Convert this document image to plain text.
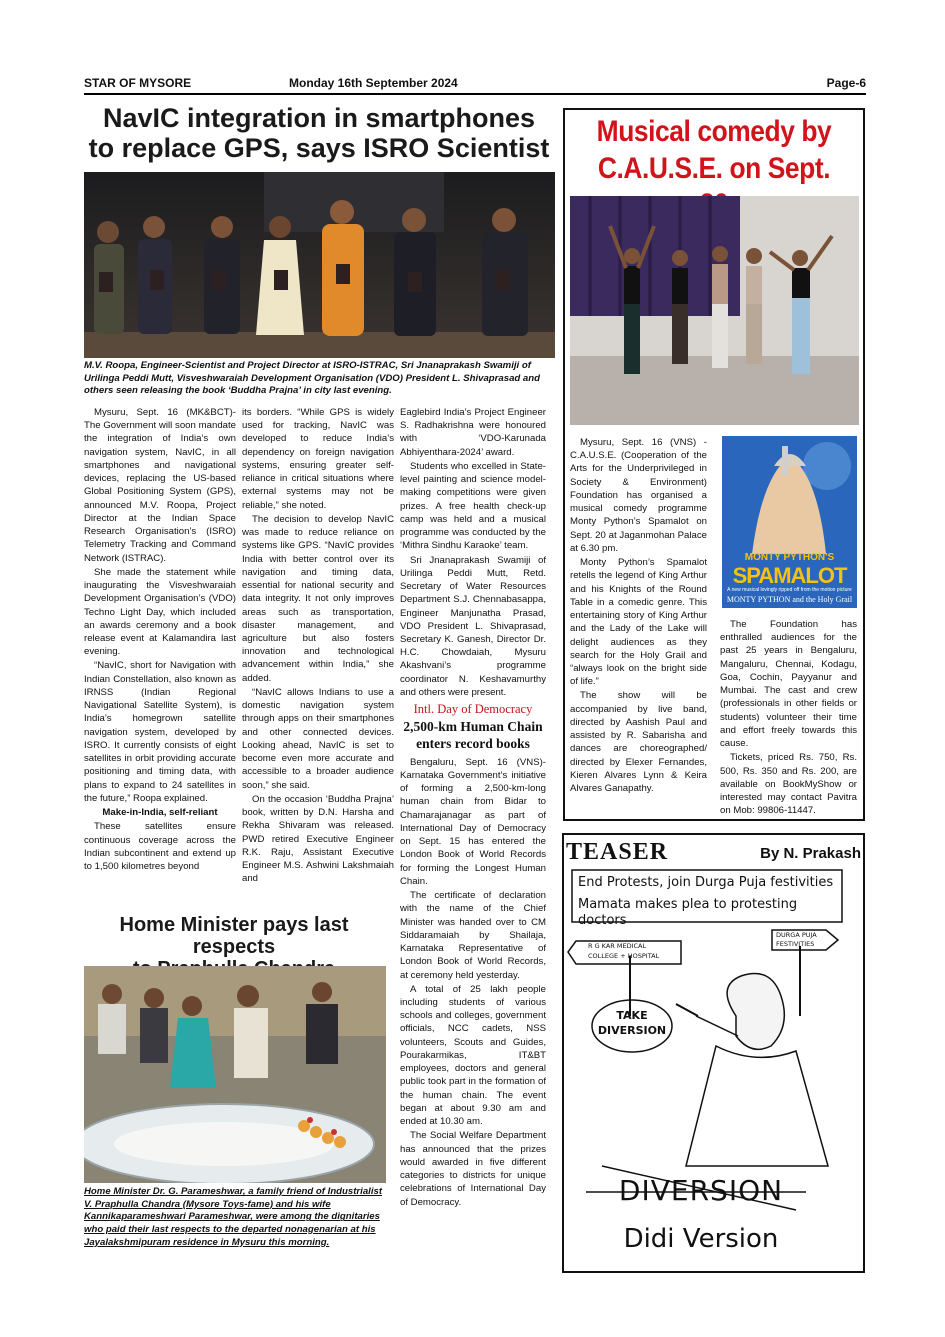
STAR OF MYSORE	Monday 16th September 2024	Page-6
NavIC integration in smartphones
to replace GPS, says ISRO Scientist
M.V. Roopa, Engineer-Scientist and Project Director at ISRO-ISTRAC, Sri Jnanaprakash Swamiji of Urilinga Peddi Mutt, Visveshwaraiah Development Organisation (VDO) President L. Shivaprasad and others seen releasing the book ‘Buddha Prajna’ in city last evening.

Mysuru, Sept. 16 (MK&BCT)- The Government will soon mandate the integration of India’s own navigation system, NavIC, in all smartphones and navigational devices, replacing the US-based Global Positioning System (GPS), announced M.V. Roopa, Project Director at the Indian Space Research Organisation’s (ISRO) Telemetry Tracking and Command Network (ISTRAC).

She made the statement while inaugurating the Visveshwaraiah Development Organisation’s (VDO) Techno Light Day, which included an awards ceremony and a book release event at Kalamandira last evening.

“NavIC, short for Navigation with Indian Constellation, also known as IRNSS (Indian Regional Navigational Satellite System), is India’s homegrown satellite navigation system, developed by ISRO. It currently consists of eight satellites in orbit providing accurate positioning and timing data, with plans to expand to 24 satellites in the future,” Roopa explained.

Make-in-India, self-reliant

These satellites ensure continuous coverage across the Indian subcontinent and extend up to 1,500 kilometres beyond

its borders. “While GPS is widely used for tracking, NavIC was developed to reduce India’s dependency on foreign navigation systems, ensuring greater self-reliance in critical situations where external systems may not be reliable,” she noted.

The decision to develop NavIC was made to reduce reliance on systems like GPS. “NavIC provides India with better control over its navigation and timing data, essential for national security and data integrity. It not only improves areas such as transportation, disaster management, and agriculture but also fosters innovation and technological advancement within India,” she added.

“NavIC allows Indians to use a domestic navigation system through apps on their smartphones and other connected devices. Looking ahead, NavIC is set to become even more accurate and accessible to a broader audience soon,” she said.

On the occasion ‘Buddha Prajna’ book, written by D.N. Harsha and Rekha Shivaram was released. PWD retired Executive Engineer R.K. Raju, Assistant Executive Engineer M.S. Ashwini Lakshmaiah and

Eaglebird India’s Project Engineer S. Radhakrishna were honoured with ‘VDO-Karunada Abhiyenthara-2024’ award.

Students who excelled in State-level painting and science model-making competitions were given prizes. A free health check-up camp was held and a musical programme was conducted by the ‘Mithra Sindhu Karaoke’ team.

Sri Jnanaprakash Swamiji of Urilinga Peddi Mutt, Retd. Secretary of Water Resources Department S.J. Chennabasappa, Engineer Manjunatha Prasad, VDO President L. Shivaprasad, Secretary K. Ganesh, Director Dr. H.C. Chowdaiah, Mysuru Akashvani’s programme coordinator N. Keshavamurthy and others were present.

Intl. Day of Democracy

2,500-km Human Chain enters record books

Bengaluru, Sept. 16 (VNS)- Karnataka Government’s initiative of forming a 2,500-km-long human chain from Bidar to Chamarajanagar as part of International Day of Democracy on Sept. 15 has entered the London Book of World Records for forming the Longest Human Chain.

The certificate of declaration with the name of the Chief Minister was handed over to CM Siddaramaiah by Shailaja, Karnataka Representative of London Book of World Records, at ceremony held yesterday.

A total of 25 lakh people including students of various schools and colleges, government officials, NCC cadets, NSS volunteers, Scouts and Guides, Pourakarmikas, IT&BT employees, doctors and general public took part in the formation of the human chain. The event began at about 9.30 am and ended at 10.30 am.

The Social Welfare Department has announced that the prizes would awarded in five different categories to districts for unique celebrations of International Day of Democracy.

Home Minister pays last respects
Home Minister Dr. G. Parameshwar, a family friend of Industrialist V. Praphulla Chandra (Mysore Toys-fame) and his wife Kannikaparameshwari Parameshwar, were among the dignitaries who paid their last respects to the departed nonagenarian at his Jayalakshmipuram residence in Mysuru this morning.
Musical comedy by
C.A.U.S.E. on Sept.

Mysuru, Sept. 16 (VNS) - C.A.U.S.E. (Cooperation of the Arts for the Underprivileged in Society & Environment) Foundation has organised a musical comedy programme Monty Python’s Spamalot on Sept. 20 at Jaganmohan Palace at 6.30 pm.

Monty Python’s Spamalot retells the legend of King Arthur and his Knights of the Round Table in a comedic genre. This entertaining story of King Arthur and the Lady of the Lake will delight audiences as they search for the Holy Grail and “always look on the bright side of life.”

The show will be accompanied by live band, directed by Aashish Paul and assisted by R. Sabarisha and dances are choreographed/ directed by Elexer Fernandes, Kieren Alvares Lynn & Keira Alvares Ganapathy.

MONTY PYTHON'S
SPAMALOT
A new musical lovingly ripped off from the motion picture
MONTY PYTHON and the Holy Grail

The Foundation has enthralled audiences for the past 25 years in Bengaluru, Mangaluru, Chennai, Kodagu, Goa, Cochin, Payyanur and Mumbai. The cast and crew (professionals in other fields or students) volunteer their time and effort freely towards this cause.

Tickets, priced Rs. 750, Rs. 500, Rs. 350 and Rs. 200, are available on BookMyShow or interested may contact Pavitra on Mob: 99806-11447.

TEASER	By N. Prakash
End Protests, join Durga Puja festivities
Mamata makes plea to protesting doctors
R G KAR MEDICAL
COLLEGE + HOSPITAL
DURGA PUJA
FESTIVITIES
TAKE
DIVERSION
DIVERSION
Didi Version
